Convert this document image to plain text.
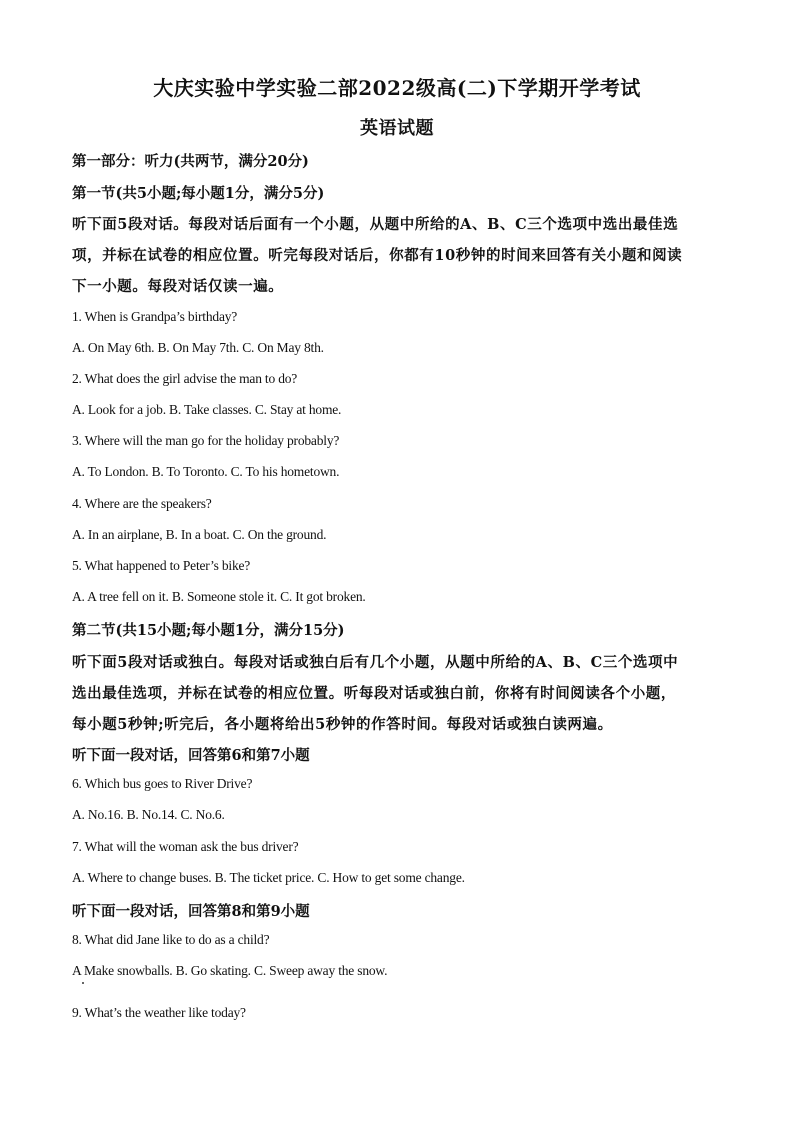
大庆实验中学实验二部2022级高(二)下学期开学考试
英语试题
第一部分：听力(共两节，满分20分)
第一节(共5小题;每小题1分，满分5分)
听下面5段对话。每段对话后面有一个小题，从题中所给的A、B、C三个选项中选出最佳选
项，并标在试卷的相应位置。听完每段对话后，你都有10秒钟的时间来回答有关小题和阅读
下一小题。每段对话仅读一遍。
1. When is Grandpa’s birthday?
A. On May 6th. B. On May 7th. C. On May 8th.
2. What does the girl advise the man to do?
A. Look for a job. B. Take classes. C. Stay at home.
3. Where will the man go for the holiday probably?
A. To London. B. To Toronto. C. To his hometown.
4. Where are the speakers?
A. In an airplane, B. In a boat. C. On the ground.
5. What happened to Peter’s bike?
A. A tree fell on it. B. Someone stole it. C. It got broken.
第二节(共15小题;每小题1分，满分15分)
听下面5段对话或独白。每段对话或独白后有几个小题，从题中所给的A、B、C三个选项中
选出最佳选项，并标在试卷的相应位置。听每段对话或独白前，你将有时间阅读各个小题，
每小题5秒钟;听完后，各小题将给出5秒钟的作答时间。每段对话或独白读两遍。
听下面一段对话，回答第6和第7小题
6. Which bus goes to River Drive?
A. No.16. B. No.14. C. No.6.
7. What will the woman ask the bus driver?
A. Where to change buses. B. The ticket price. C. How to get some change.
听下面一段对话，回答第8和第9小题
8. What did Jane like to do as a child?
A Make snowballs. B. Go skating. C. Sweep away the snow.
9. What’s the weather like today?
